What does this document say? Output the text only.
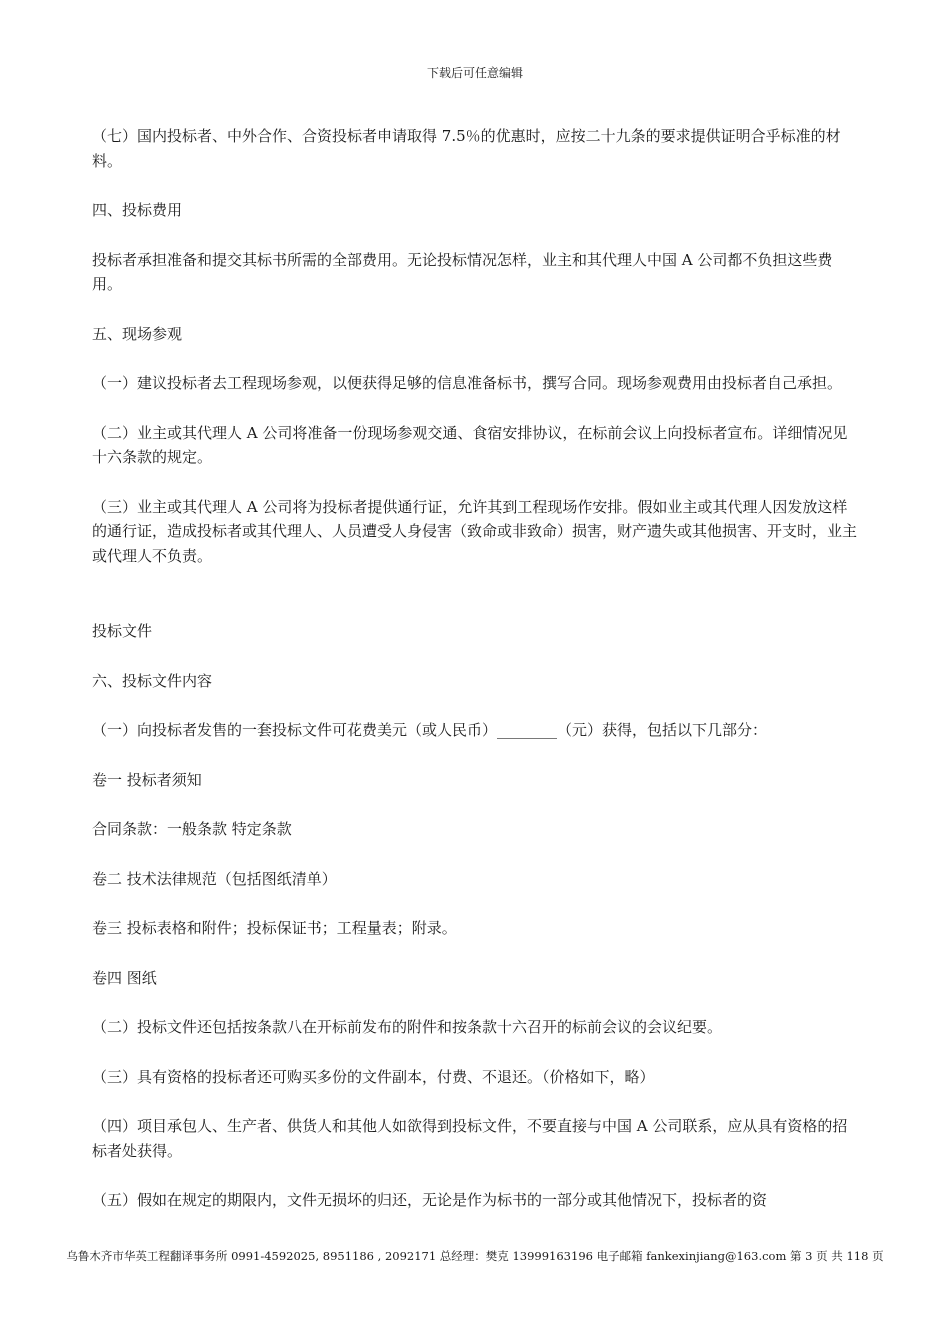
下载后可任意编辑

（七）国内投标者、中外合作、合资投标者申请取得 7.5％的优惠时，应按二十九条的要求提供证明合乎标准的材料。

四、投标费用

投标者承担准备和提交其标书所需的全部费用。无论投标情况怎样，业主和其代理人中国 A 公司都不负担这些费用。

五、现场参观

（一）建议投标者去工程现场参观，以便获得足够的信息准备标书，撰写合同。现场参观费用由投标者自己承担。

（二）业主或其代理人 A 公司将准备一份现场参观交通、食宿安排协议，在标前会议上向投标者宣布。详细情况见十六条款的规定。

（三）业主或其代理人 A 公司将为投标者提供通行证，允许其到工程现场作安排。假如业主或其代理人因发放这样的通行证，造成投标者或其代理人、人员遭受人身侵害（致命或非致命）损害，财产遗失或其他损害、开支时，业主或代理人不负责。

投标文件

六、投标文件内容

（一）向投标者发售的一套投标文件可花费美元（或人民币）________（元）获得，包括以下几部分：

卷一 投标者须知

合同条款：一般条款 特定条款

卷二 技术法律规范（包括图纸清单）

卷三 投标表格和附件；投标保证书；工程量表；附录。

卷四 图纸

（二）投标文件还包括按条款八在开标前发布的附件和按条款十六召开的标前会议的会议纪要。

（三）具有资格的投标者还可购买多份的文件副本，付费、不退还。（价格如下，略）

（四）项目承包人、生产者、供货人和其他人如欲得到投标文件，不要直接与中国 A 公司联系，应从具有资格的招标者处获得。

（五）假如在规定的期限内，文件无损坏的归还，无论是作为标书的一部分或其他情况下，投标者的资

乌鲁木齐市华英工程翻译事务所 0991-4592025, 8951186 , 2092171 总经理：樊克 13999163196 电子邮箱 fankexinjiang@163.com 第 3 页 共 118 页
